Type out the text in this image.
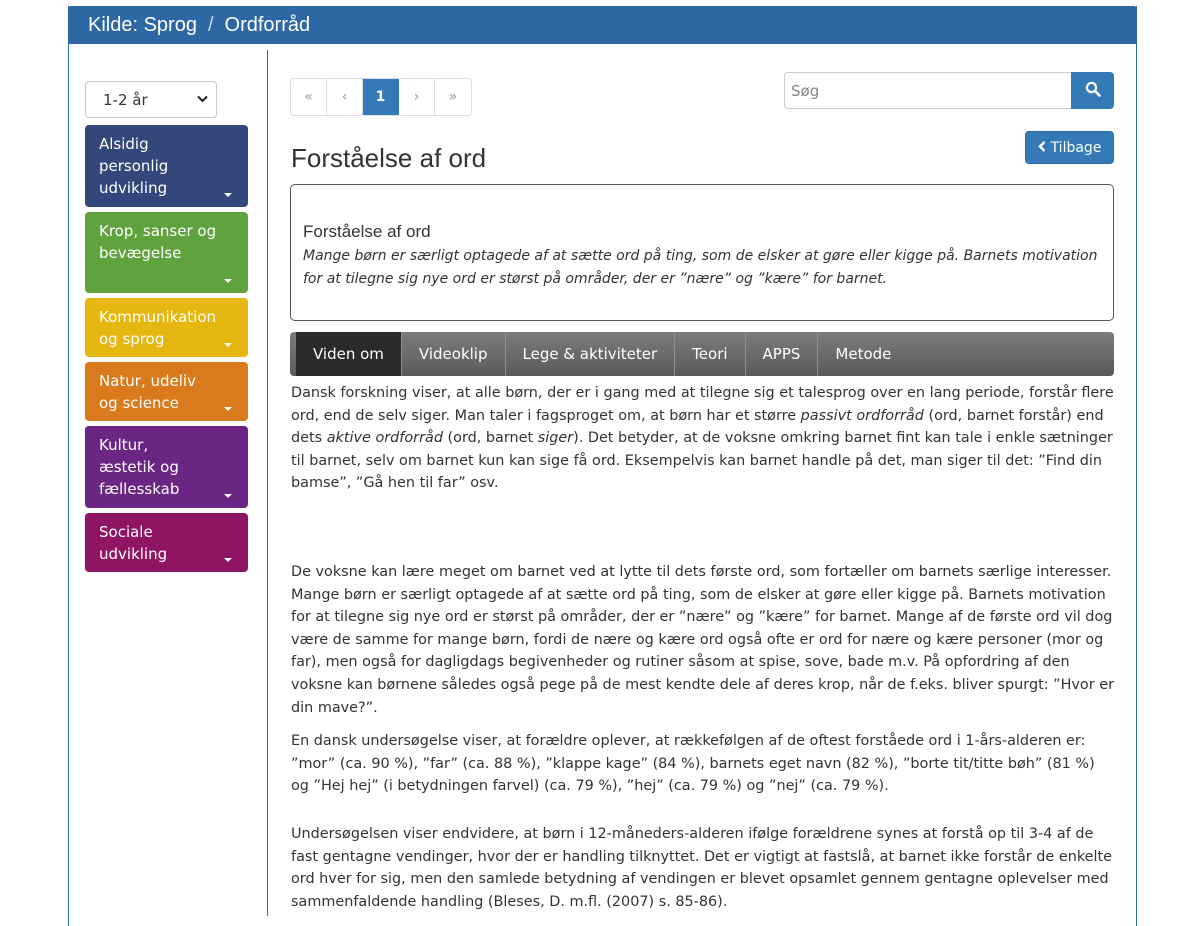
Kilde: Sprog / Ordforråd
1-2 år
Alsidig personlig udvikling
Krop, sanser og bevægelse
Kommunikation og sprog
Natur, udeliv og science
Kultur, æstetik og fællesskab
Sociale udvikling
«	‹	1	›	»
Søg
Tilbage
Forståelse af ord
Forståelse af ord
Mange børn er særligt optagede af at sætte ord på ting, som de elsker at gøre eller kigge på. Barnets motivation for at tilegne sig nye ord er størst på områder, der er ”nære” og ”kære” for barnet.
Viden om	Videoklip	Lege & aktiviteter	Teori	APPS	Metode

Dansk forskning viser, at alle børn, der er i gang med at tilegne sig et talesprog over en lang periode, forstår flere ord, end de selv siger. Man taler i fagsproget om, at børn har et større passivt ordforråd (ord, barnet forstår) end dets aktive ordforråd (ord, barnet siger). Det betyder, at de voksne omkring barnet fint kan tale i enkle sætninger til barnet, selv om barnet kun kan sige få ord. Eksempelvis kan barnet handle på det, man siger til det: ”Find din bamse”, ”Gå hen til far” osv.

De voksne kan lære meget om barnet ved at lytte til dets første ord, som fortæller om barnets særlige interesser. Mange børn er særligt optagede af at sætte ord på ting, som de elsker at gøre eller kigge på. Barnets motivation for at tilegne sig nye ord er størst på områder, der er ”nære” og ”kære” for barnet. Mange af de første ord vil dog være de samme for mange børn, fordi de nære og kære ord også ofte er ord for nære og kære personer (mor og far), men også for dagligdags begivenheder og rutiner såsom at spise, sove, bade m.v. På opfordring af den voksne kan børnene således også pege på de mest kendte dele af deres krop, når de f.eks. bliver spurgt: ”Hvor er din mave?”.

En dansk undersøgelse viser, at forældre oplever, at rækkefølgen af de oftest forståede ord i 1-års-alderen er: ”mor” (ca. 90 %), ”far” (ca. 88 %), ”klappe kage” (84 %), barnets eget navn (82 %), ”borte tit/titte bøh” (81 %) og ”Hej hej” (i betydningen farvel) (ca. 79 %), ”hej” (ca. 79 %) og ”nej” (ca. 79 %).

Undersøgelsen viser endvidere, at børn i 12-måneders-alderen ifølge forældrene synes at forstå op til 3-4 af de fast gentagne vendinger, hvor der er handling tilknyttet. Det er vigtigt at fastslå, at barnet ikke forstår de enkelte ord hver for sig, men den samlede betydning af vendingen er blevet opsamlet gennem gentagne oplevelser med sammenfaldende handling (Bleses, D. m.fl. (2007) s. 85-86).
